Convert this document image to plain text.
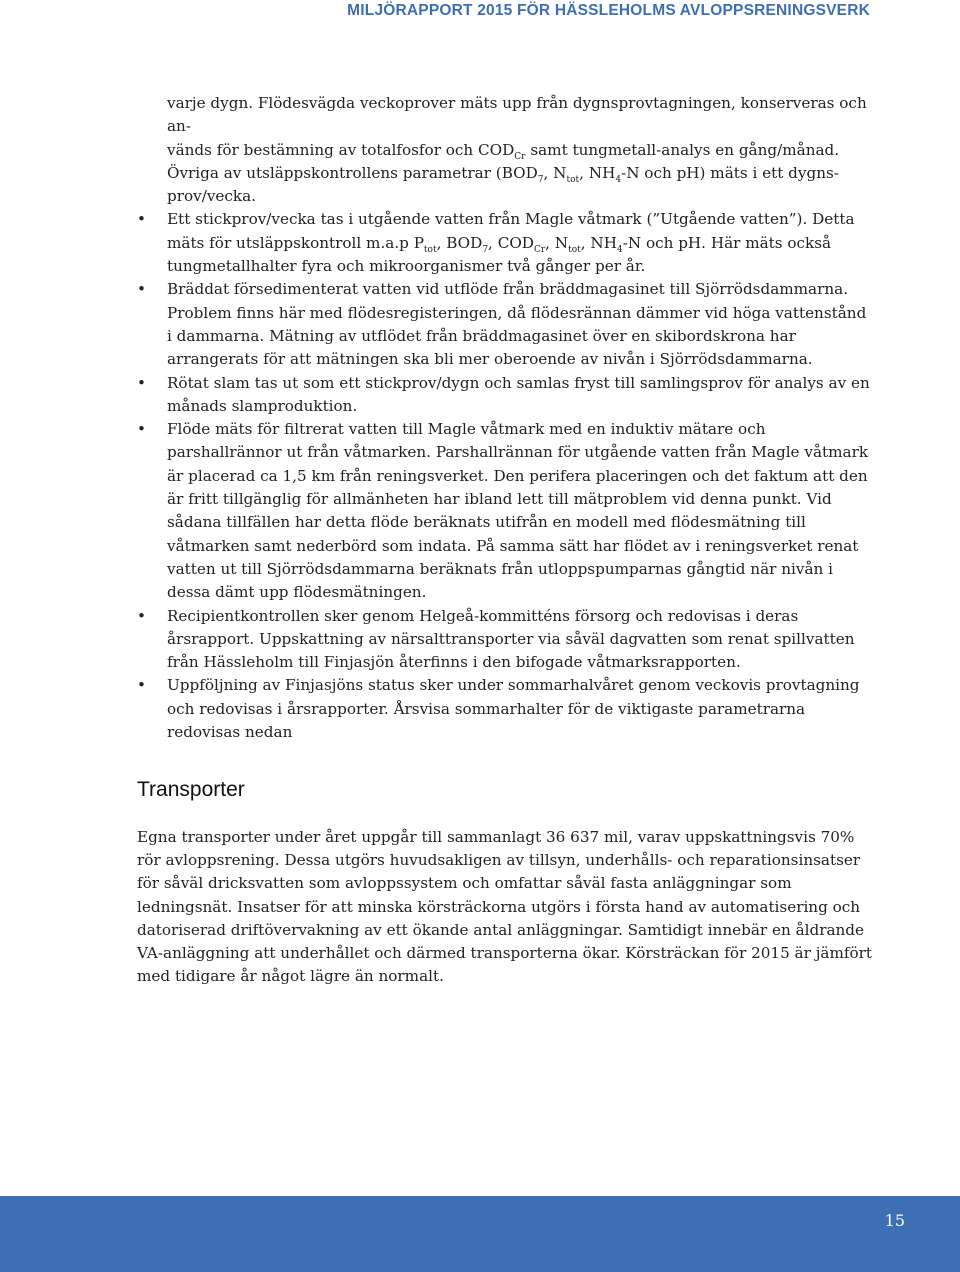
MILJÖRAPPORT 2015 FÖR HÄSSLEHOLMS AVLOPPSRENINGSVERK

varje dygn. Flödesvägda veckoprover mäts upp från dygnsprovtagningen, konserveras och an-

vänds för bestämning av totalfosfor och $COD_{Cr}$ samt tungmetall-analys en gång/månad.

Övriga av utsläppskontrollens parametrar ($BOD_7$, $N_{tot}$, $NH_4-N$ och pH) mäts i ett dygns-

prov/vecka.

• Ett stickprov/vecka tas i utgående vatten från Magle våtmark (”Utgående vatten”). Detta mäts för utsläppskontroll m.a.p $P_{tot}$, $BOD_7$, $COD_{Cr}$, $N_{tot}$, $NH_4-N$ och pH. Här mäts också tungmetallhalter fyra och mikroorganismer två gånger per år.
• Bräddat försedimenterat vatten vid utflöde från bräddmagasinet till Sjörrödsdammarna. Problem finns här med flödesregisteringen, då flödesrännan dämmer vid höga vattenstånd i dammarna. Mätning av utflödet från bräddmagasinet över en skibordskrona har arrangerats för att mätningen ska bli mer oberoende av nivån i Sjörrödsdammarna.
• Rötat slam tas ut som ett stickprov/dygn och samlas fryst till samlingsprov för analys av en månads slamproduktion.
• Flöde mäts för filtrerat vatten till Magle våtmark med en induktiv mätare och parshallrännor ut från våtmarken. Parshallrännan för utgående vatten från Magle våtmark är placerad ca 1,5 km från reningsverket. Den perifera placeringen och det faktum att den är fritt tillgänglig för allmänheten har ibland lett till mätproblem vid denna punkt. Vid sådana tillfällen har detta flöde beräknats utifrån en modell med flödesmätning till våtmarken samt nederbörd som indata. På samma sätt har flödet av i reningsverket renat vatten ut till Sjörrödsdammarna beräknats från utloppspumparnas gångtid när nivån i dessa dämt upp flödesmätningen.
• Recipientkontrollen sker genom Helgeå-kommitténs försorg och redovisas i deras årsrapport. Uppskattning av närsalttransporter via såväl dagvatten som renat spillvatten från Hässleholm till Finjasjön återfinns i den bifogade våtmarksrapporten.
• Uppföljning av Finjasjöns status sker under sommarhalvåret genom veckovis provtagning och redovisas i årsrapporter. Årsvisa sommarhalter för de viktigaste parametrarna redovisas nedan
Transporter

Egna transporter under året uppgår till sammanlagt 36 637 mil, varav uppskattningsvis 70% rör avloppsrening. Dessa utgörs huvudsakligen av tillsyn, underhålls- och reparationsinsatser för såväl dricksvatten som avloppssystem och omfattar såväl fasta anläggningar som ledningsnät. Insatser för att minska körsträckorna utgörs i första hand av automatisering och datoriserad driftövervakning av ett ökande antal anläggningar. Samtidigt innebär en åldrande VA-anläggning att underhållet och därmed transporterna ökar. Körsträckan för 2015 är jämfört med tidigare år något lägre än normalt.

15
